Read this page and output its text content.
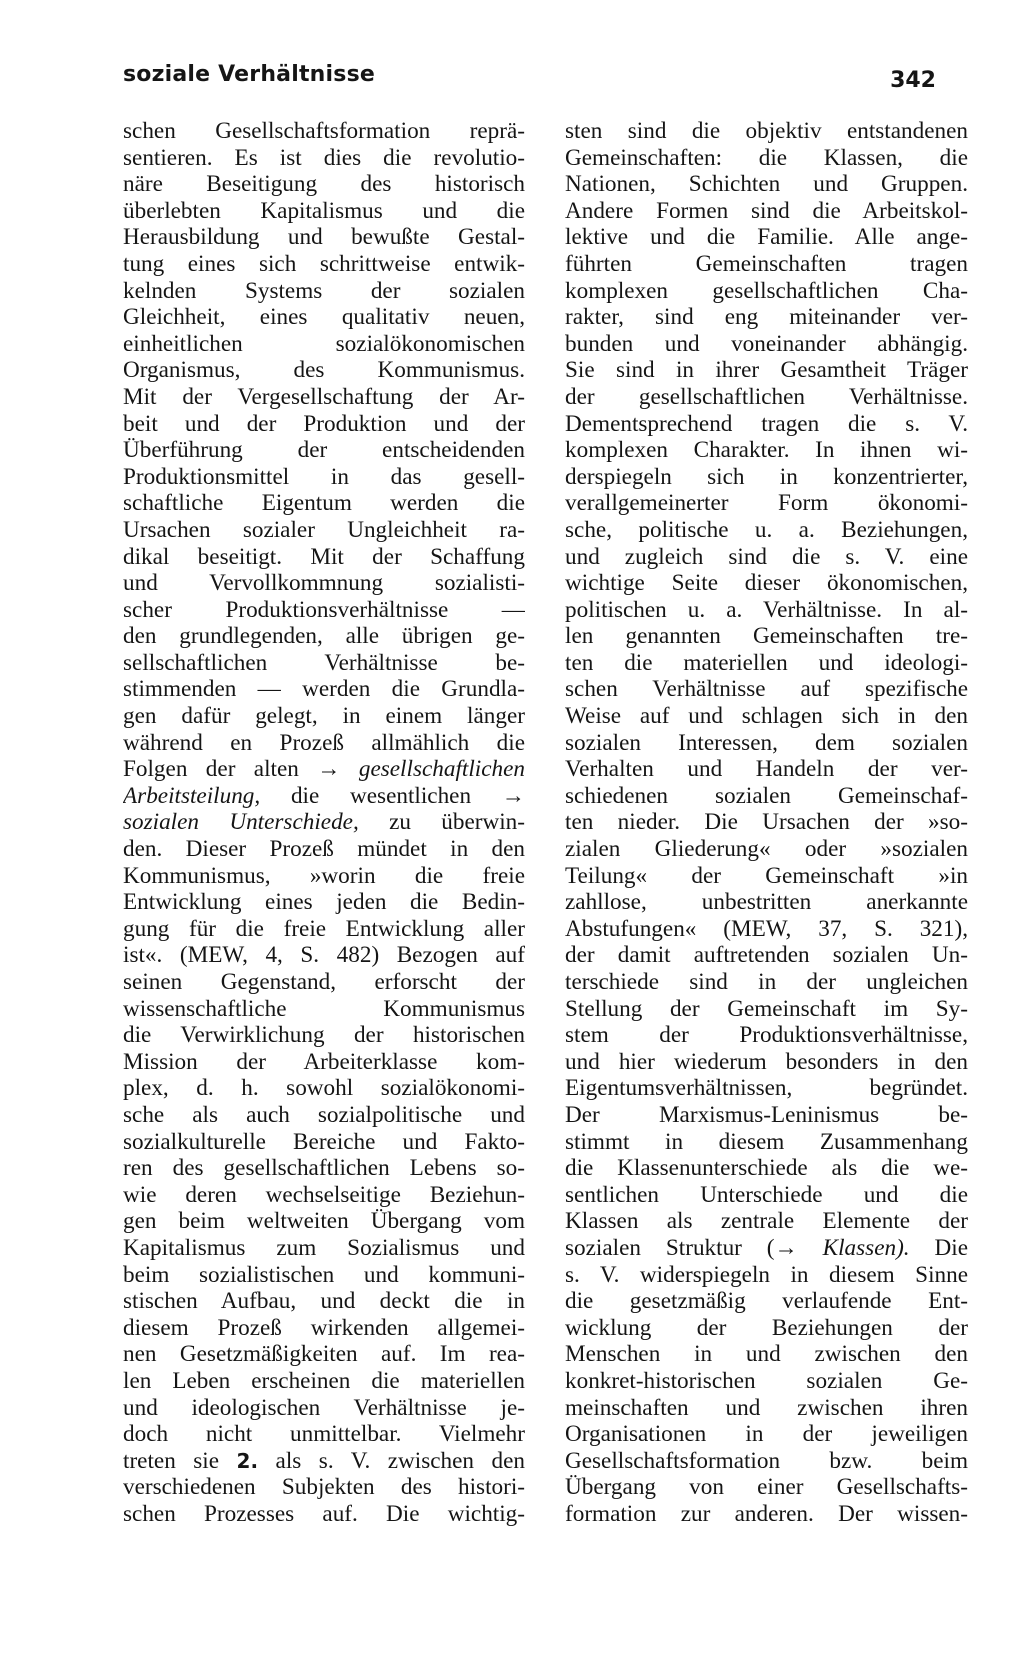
soziale Verhältnisse	342
schen Gesellschaftsformation reprä-
sentieren. Es ist dies die revolutio-
näre Beseitigung des historisch
überlebten Kapitalismus und die
Herausbildung und bewußte Gestal-
tung eines sich schrittweise entwik-
kelnden Systems der sozialen
Gleichheit, eines qualitativ neuen,
einheitlichen sozialökonomischen
Organismus, des Kommunismus.
Mit der Vergesellschaftung der Ar-
beit und der Produktion und der
Überführung der entscheidenden
Produktionsmittel in das gesell-
schaftliche Eigentum werden die
Ursachen sozialer Ungleichheit ra-
dikal beseitigt. Mit der Schaffung
und Vervollkommnung sozialisti-
scher Produktionsverhältnisse —
den grundlegenden, alle übrigen ge-
sellschaftlichen Verhältnisse be-
stimmenden — werden die Grundla-
gen dafür gelegt, in einem länger
während en Prozeß allmählich die
Folgen der alten → gesellschaftlichen
Arbeitsteilung, die wesentlichen →
sozialen Unterschiede, zu überwin-
den. Dieser Prozeß mündet in den
Kommunismus, »worin die freie
Entwicklung eines jeden die Bedin-
gung für die freie Entwicklung aller
ist«. (MEW, 4, S. 482) Bezogen auf
seinen Gegenstand, erforscht der
wissenschaftliche Kommunismus
die Verwirklichung der historischen
Mission der Arbeiterklasse kom-
plex, d. h. sowohl sozialökonomi-
sche als auch sozialpolitische und
sozialkulturelle Bereiche und Fakto-
ren des gesellschaftlichen Lebens so-
wie deren wechselseitige Beziehun-
gen beim weltweiten Übergang vom
Kapitalismus zum Sozialismus und
beim sozialistischen und kommuni-
stischen Aufbau, und deckt die in
diesem Prozeß wirkenden allgemei-
nen Gesetzmäßigkeiten auf. Im rea-
len Leben erscheinen die materiellen
und ideologischen Verhältnisse je-
doch nicht unmittelbar. Vielmehr
treten sie 2. als s. V. zwischen den
verschiedenen Subjekten des histori-
schen Prozesses auf. Die wichtig-
sten sind die objektiv entstandenen
Gemeinschaften: die Klassen, die
Nationen, Schichten und Gruppen.
Andere Formen sind die Arbeitskol-
lektive und die Familie. Alle ange-
führten Gemeinschaften tragen
komplexen gesellschaftlichen Cha-
rakter, sind eng miteinander ver-
bunden und voneinander abhängig.
Sie sind in ihrer Gesamtheit Träger
der gesellschaftlichen Verhältnisse.
Dementsprechend tragen die s. V.
komplexen Charakter. In ihnen wi-
derspiegeln sich in konzentrierter,
verallgemeinerter Form ökonomi-
sche, politische u. a. Beziehungen,
und zugleich sind die s. V. eine
wichtige Seite dieser ökonomischen,
politischen u. a. Verhältnisse. In al-
len genannten Gemeinschaften tre-
ten die materiellen und ideologi-
schen Verhältnisse auf spezifische
Weise auf und schlagen sich in den
sozialen Interessen, dem sozialen
Verhalten und Handeln der ver-
schiedenen sozialen Gemeinschaf-
ten nieder. Die Ursachen der »so-
zialen Gliederung« oder »sozialen
Teilung« der Gemeinschaft »in
zahllose, unbestritten anerkannte
Abstufungen« (MEW, 37, S. 321),
der damit auftretenden sozialen Un-
terschiede sind in der ungleichen
Stellung der Gemeinschaft im Sy-
stem der Produktionsverhältnisse,
und hier wiederum besonders in den
Eigentumsverhältnissen, begründet.
Der Marxismus-Leninismus be-
stimmt in diesem Zusammenhang
die Klassenunterschiede als die we-
sentlichen Unterschiede und die
Klassen als zentrale Elemente der
sozialen Struktur (→ Klassen). Die
s. V. widerspiegeln in diesem Sinne
die gesetzmäßig verlaufende Ent-
wicklung der Beziehungen der
Menschen in und zwischen den
konkret-historischen sozialen Ge-
meinschaften und zwischen ihren
Organisationen in der jeweiligen
Gesellschaftsformation bzw. beim
Übergang von einer Gesellschafts-
formation zur anderen. Der wissen-
